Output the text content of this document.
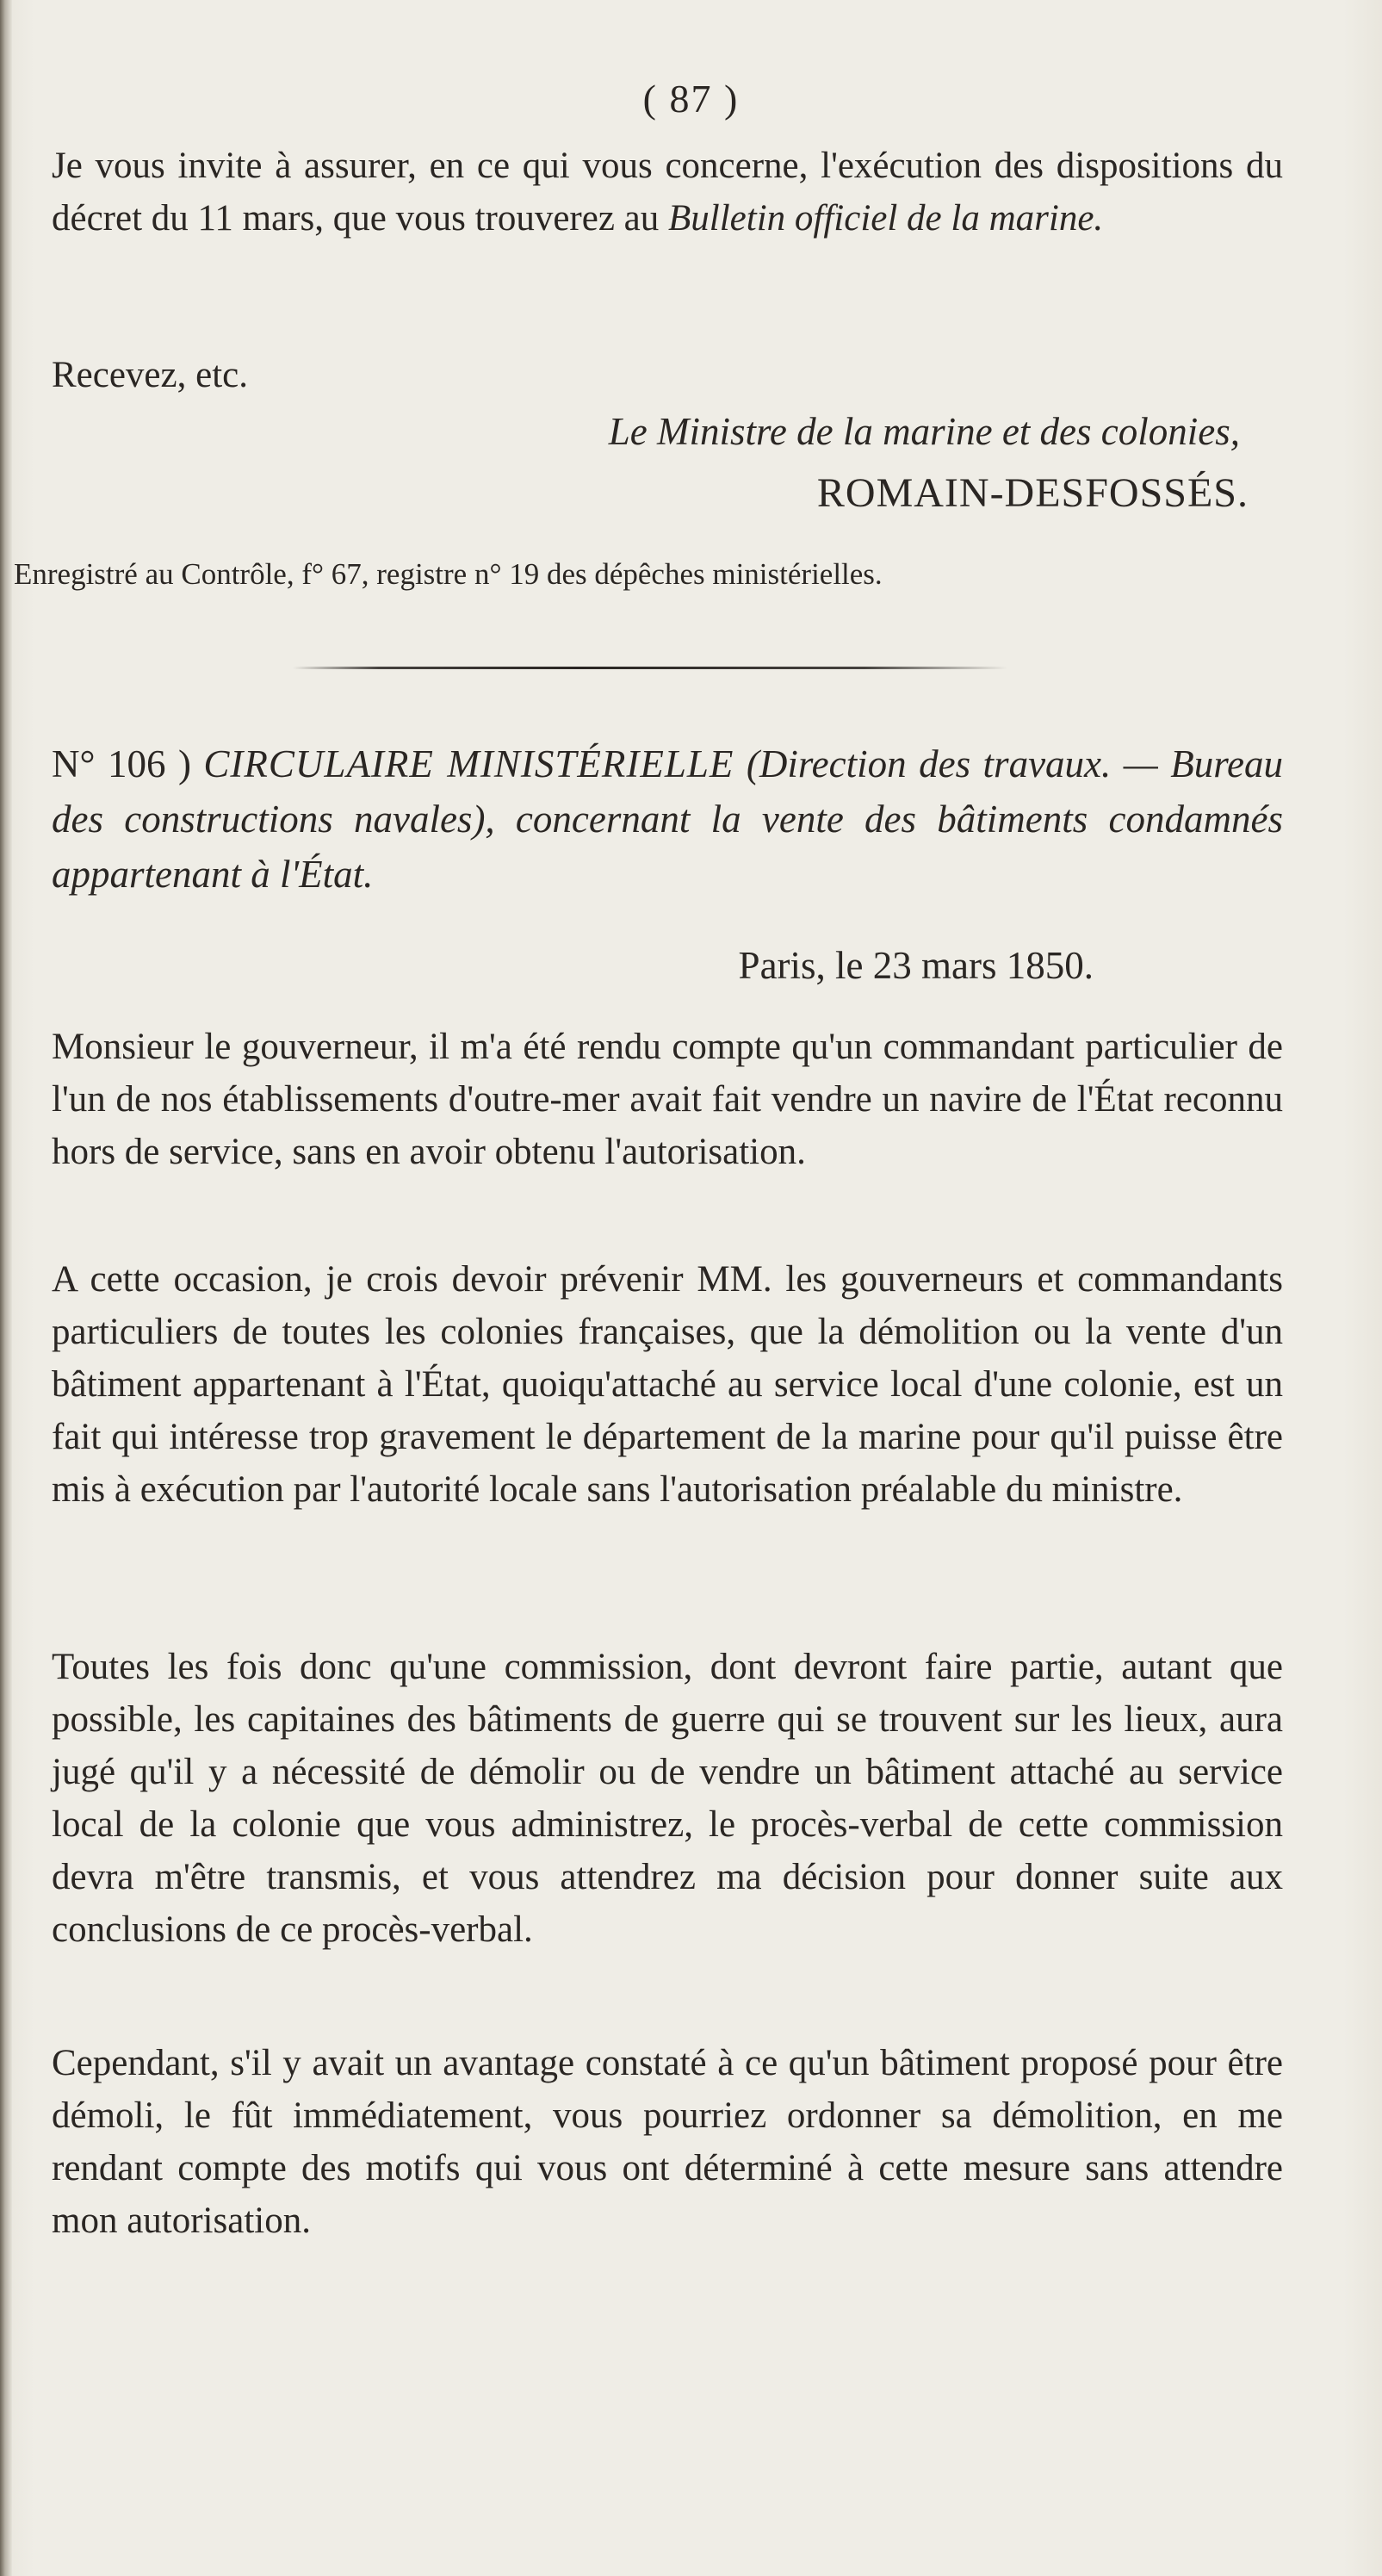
( 87 )

Je vous invite à assurer, en ce qui vous concerne, l'exécution des dispositions du décret du 11 mars, que vous trouverez au Bulletin officiel de la marine.

Recevez, etc.

Le Ministre de la marine et des colonies,
ROMAIN-DESFOSSÉS.
Enregistré au Contrôle, f° 67, registre n° 19 des dépêches ministérielles.
N° 106 ) CIRCULAIRE MINISTÉRIELLE (Direction des travaux. — Bureau des constructions navales), concernant la vente des bâtiments condamnés appartenant à l'État.
Paris, le 23 mars 1850.

Monsieur le gouverneur, il m'a été rendu compte qu'un commandant particulier de l'un de nos établissements d'outre-mer avait fait vendre un navire de l'État reconnu hors de service, sans en avoir obtenu l'autorisation.

A cette occasion, je crois devoir prévenir MM. les gouverneurs et commandants particuliers de toutes les colonies françaises, que la démolition ou la vente d'un bâtiment appartenant à l'État, quoiqu'attaché au service local d'une colonie, est un fait qui intéresse trop gravement le département de la marine pour qu'il puisse être mis à exécution par l'autorité locale sans l'autorisation préalable du ministre.

Toutes les fois donc qu'une commission, dont devront faire partie, autant que possible, les capitaines des bâtiments de guerre qui se trouvent sur les lieux, aura jugé qu'il y a nécessité de démolir ou de vendre un bâtiment attaché au service local de la colonie que vous administrez, le procès-verbal de cette commission devra m'être transmis, et vous attendrez ma décision pour donner suite aux conclusions de ce procès-verbal.

Cependant, s'il y avait un avantage constaté à ce qu'un bâtiment proposé pour être démoli, le fût immédiatement, vous pourriez ordonner sa démolition, en me rendant compte des motifs qui vous ont déterminé à cette mesure sans attendre mon autorisation.
